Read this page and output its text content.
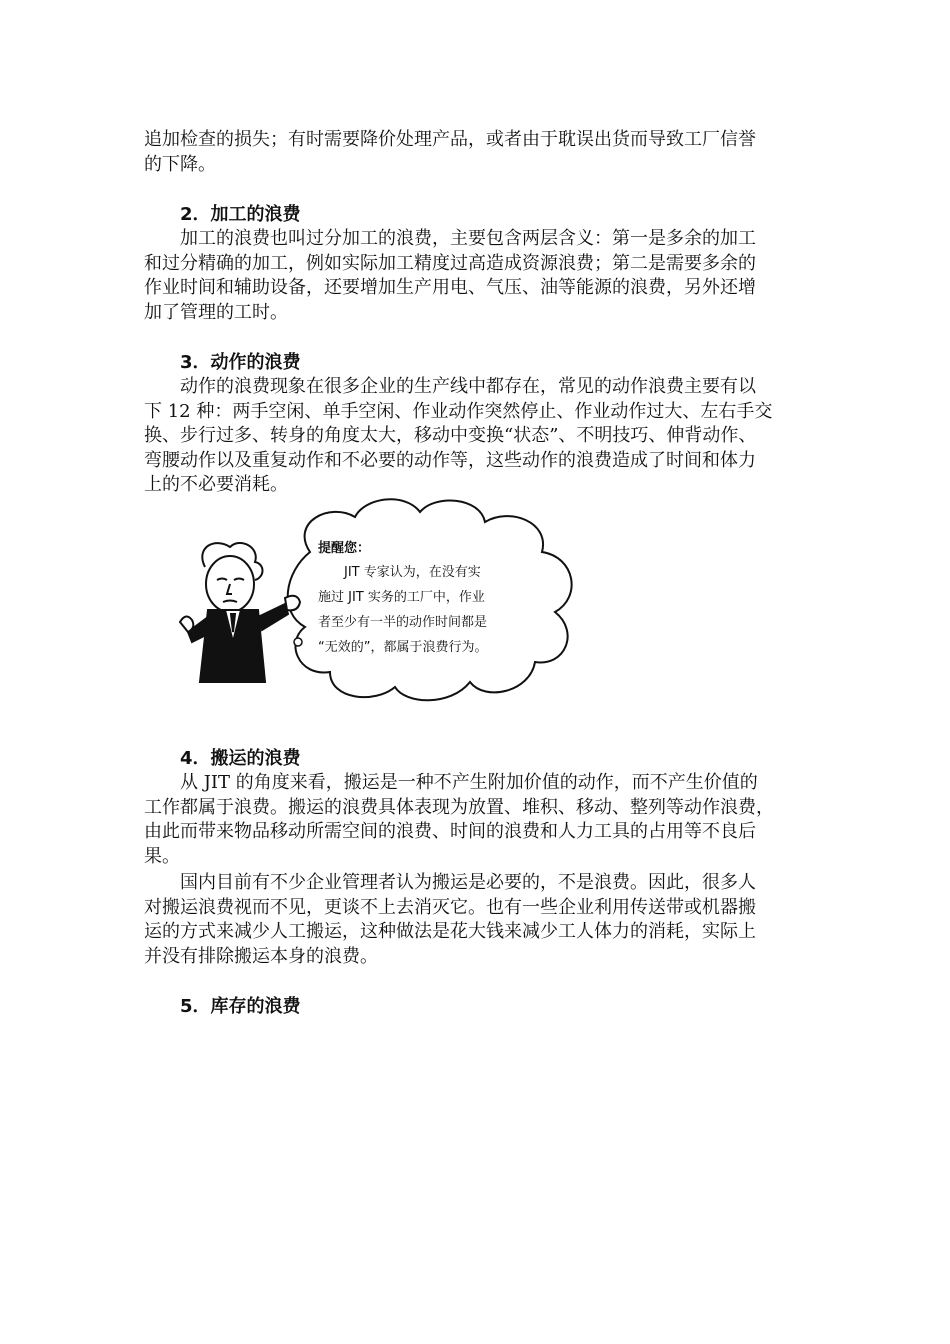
追加检查的损失；有时需要降价处理产品，或者由于耽误出货而导致工厂信誉
的下降。
2．加工的浪费
　　加工的浪费也叫过分加工的浪费，主要包含两层含义：第一是多余的加工
和过分精确的加工，例如实际加工精度过高造成资源浪费；第二是需要多余的
作业时间和辅助设备，还要增加生产用电、气压、油等能源的浪费，另外还增
加了管理的工时。
3．动作的浪费
　　动作的浪费现象在很多企业的生产线中都存在，常见的动作浪费主要有以
下 12 种：两手空闲、单手空闲、作业动作突然停止、作业动作过大、左右手交
换、步行过多、转身的角度太大，移动中变换“状态”、不明技巧、伸背动作、
弯腰动作以及重复动作和不必要的动作等，这些动作的浪费造成了时间和体力
上的不必要消耗。
提醒您：
　　JIT 专家认为，在没有实
施过 JIT 实务的工厂中，作业
者至少有一半的动作时间都是
“无效的”，都属于浪费行为。
4．搬运的浪费
　　从 JIT 的角度来看，搬运是一种不产生附加价值的动作，而不产生价值的
工作都属于浪费。搬运的浪费具体表现为放置、堆积、移动、整列等动作浪费，
由此而带来物品移动所需空间的浪费、时间的浪费和人力工具的占用等不良后
果。
　　国内目前有不少企业管理者认为搬运是必要的，不是浪费。因此，很多人
对搬运浪费视而不见，更谈不上去消灭它。也有一些企业利用传送带或机器搬
运的方式来减少人工搬运，这种做法是花大钱来减少工人体力的消耗，实际上
并没有排除搬运本身的浪费。
5．库存的浪费
